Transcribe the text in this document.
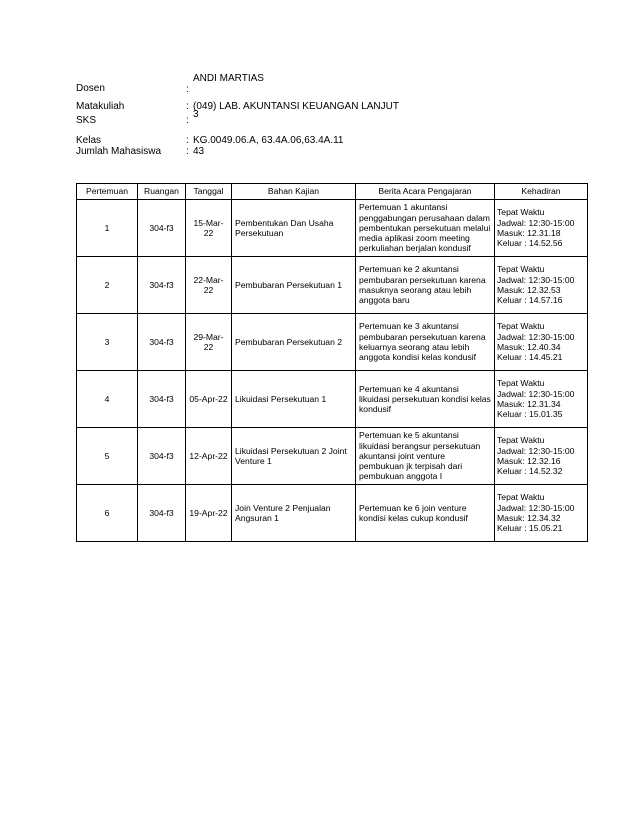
Dosen	:
ANDI MARTIAS
Matakuliah	: (049) LAB. AKUNTANSI KEUANGAN LANJUT
SKS	:
3
Kelas	: KG.0049.06.A, 63.4A.06,63.4A.11
Jumlah Mahasiswa : 43
Pertemuan	Ruangan	Tanggal	Bahan Kajian	Berita Acara Pengajaran	Kehadiran
1	304-f3	15-Mar-22	Pembentukan Dan Usaha Persekutuan	Pertemuan 1 akuntansi penggabungan perusahaan dalam pembentukan persekutuan melalui media aplikasi zoom meeting perkuliahan berjalan kondusif	Tepat Waktu
Jadwal: 12:30-15:00
Masuk: 12.31.18
Keluar : 14.52.56

2	304-f3	22-Mar-22	Pembubaran Persekutuan 1	Pertemuan ke 2 akuntansi pembubaran persekutuan karena masuknya seorang atau lebih anggota baru	Tepat Waktu
Jadwal: 12:30-15:00
Masuk: 12.32.53
Keluar : 14.57.16

3	304-f3	29-Mar-22	Pembubaran Persekutuan 2	Pertemuan ke 3 akuntansi pembubaran persekutuan karena keluarnya seorang atau lebih anggota kondisi kelas kondusif	Tepat Waktu
Jadwal: 12:30-15:00
Masuk: 12.40.34
Keluar : 14.45.21

4	304-f3	05-Apr-22	Likuidasi Persekutuan 1	Pertemuan ke 4 akuntansi likuidasi persekutuan kondisi kelas kondusif	Tepat Waktu
Jadwal: 12:30-15:00
Masuk: 12.31.34
Keluar : 15.01.35

5	304-f3	12-Apr-22	Likuidasi Persekutuan 2 Joint Venture 1	Pertemuan ke 5 akuntansi likuidasi berangsur persekutuan akuntansi joint venture pembukuan jk terpisah dari pembukuan anggota I	Tepat Waktu
Jadwal: 12:30-15:00
Masuk: 12.32.16
Keluar : 14.52.32

6	304-f3	19-Apr-22	Join Venture 2 Penjualan Angsuran 1	Pertemuan ke 6 join venture kondisi kelas cukup kondusif	Tepat Waktu
Jadwal: 12:30-15:00
Masuk: 12.34.32
Keluar : 15.05.21
